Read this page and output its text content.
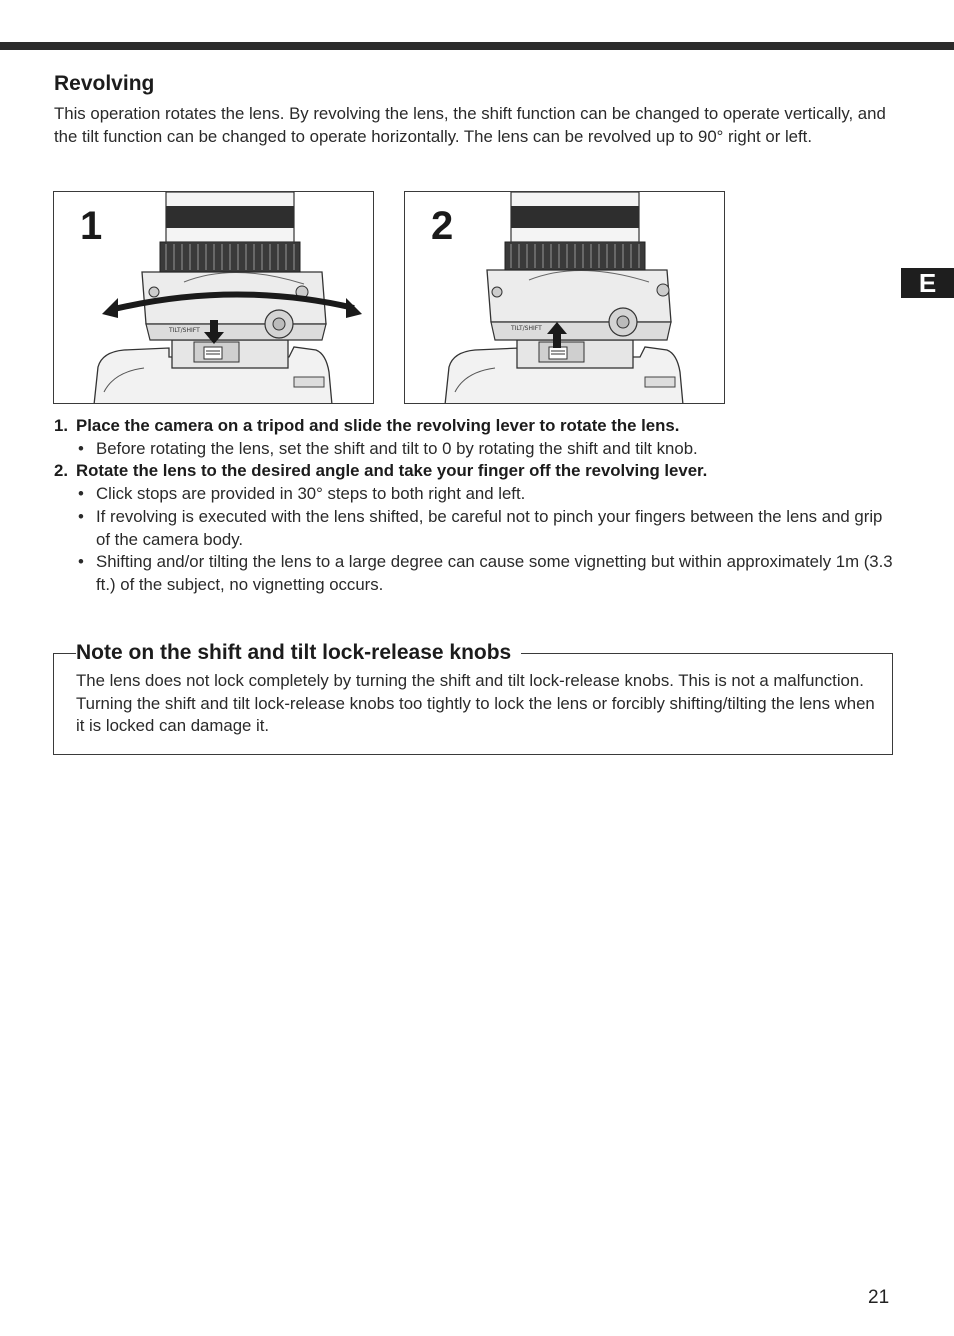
Revolving

This operation rotates the lens. By revolving the lens, the shift function can be changed to operate vertically, and the tilt function can be changed to operate horizontally. The lens can be revolved up to 90° right or left.

TILT/SHIFT
1
TILT/SHIFT
2
E
1. Place the camera on a tripod and slide the revolving lever to rotate the lens.
• Before rotating the lens, set the shift and tilt to 0 by rotating the shift and tilt knob.
2. Rotate the lens to the desired angle and take your finger off the revolving lever.
• Click stops are provided in 30° steps to both right and left.
• If revolving is executed with the lens shifted, be careful not to pinch your fingers between the lens and grip of the camera body.
• Shifting and/or tilting the lens to a large degree can cause some vignetting but within approximately 1m (3.3 ft.) of the subject, no vignetting occurs.
Note on the shift and tilt lock-release knobs

The lens does not lock completely by turning the shift and tilt lock-release knobs. This is not a malfunction. Turning the shift and tilt lock-release knobs too tightly to lock the lens or forcibly shifting/tilting the lens when it is locked can damage it.

21
